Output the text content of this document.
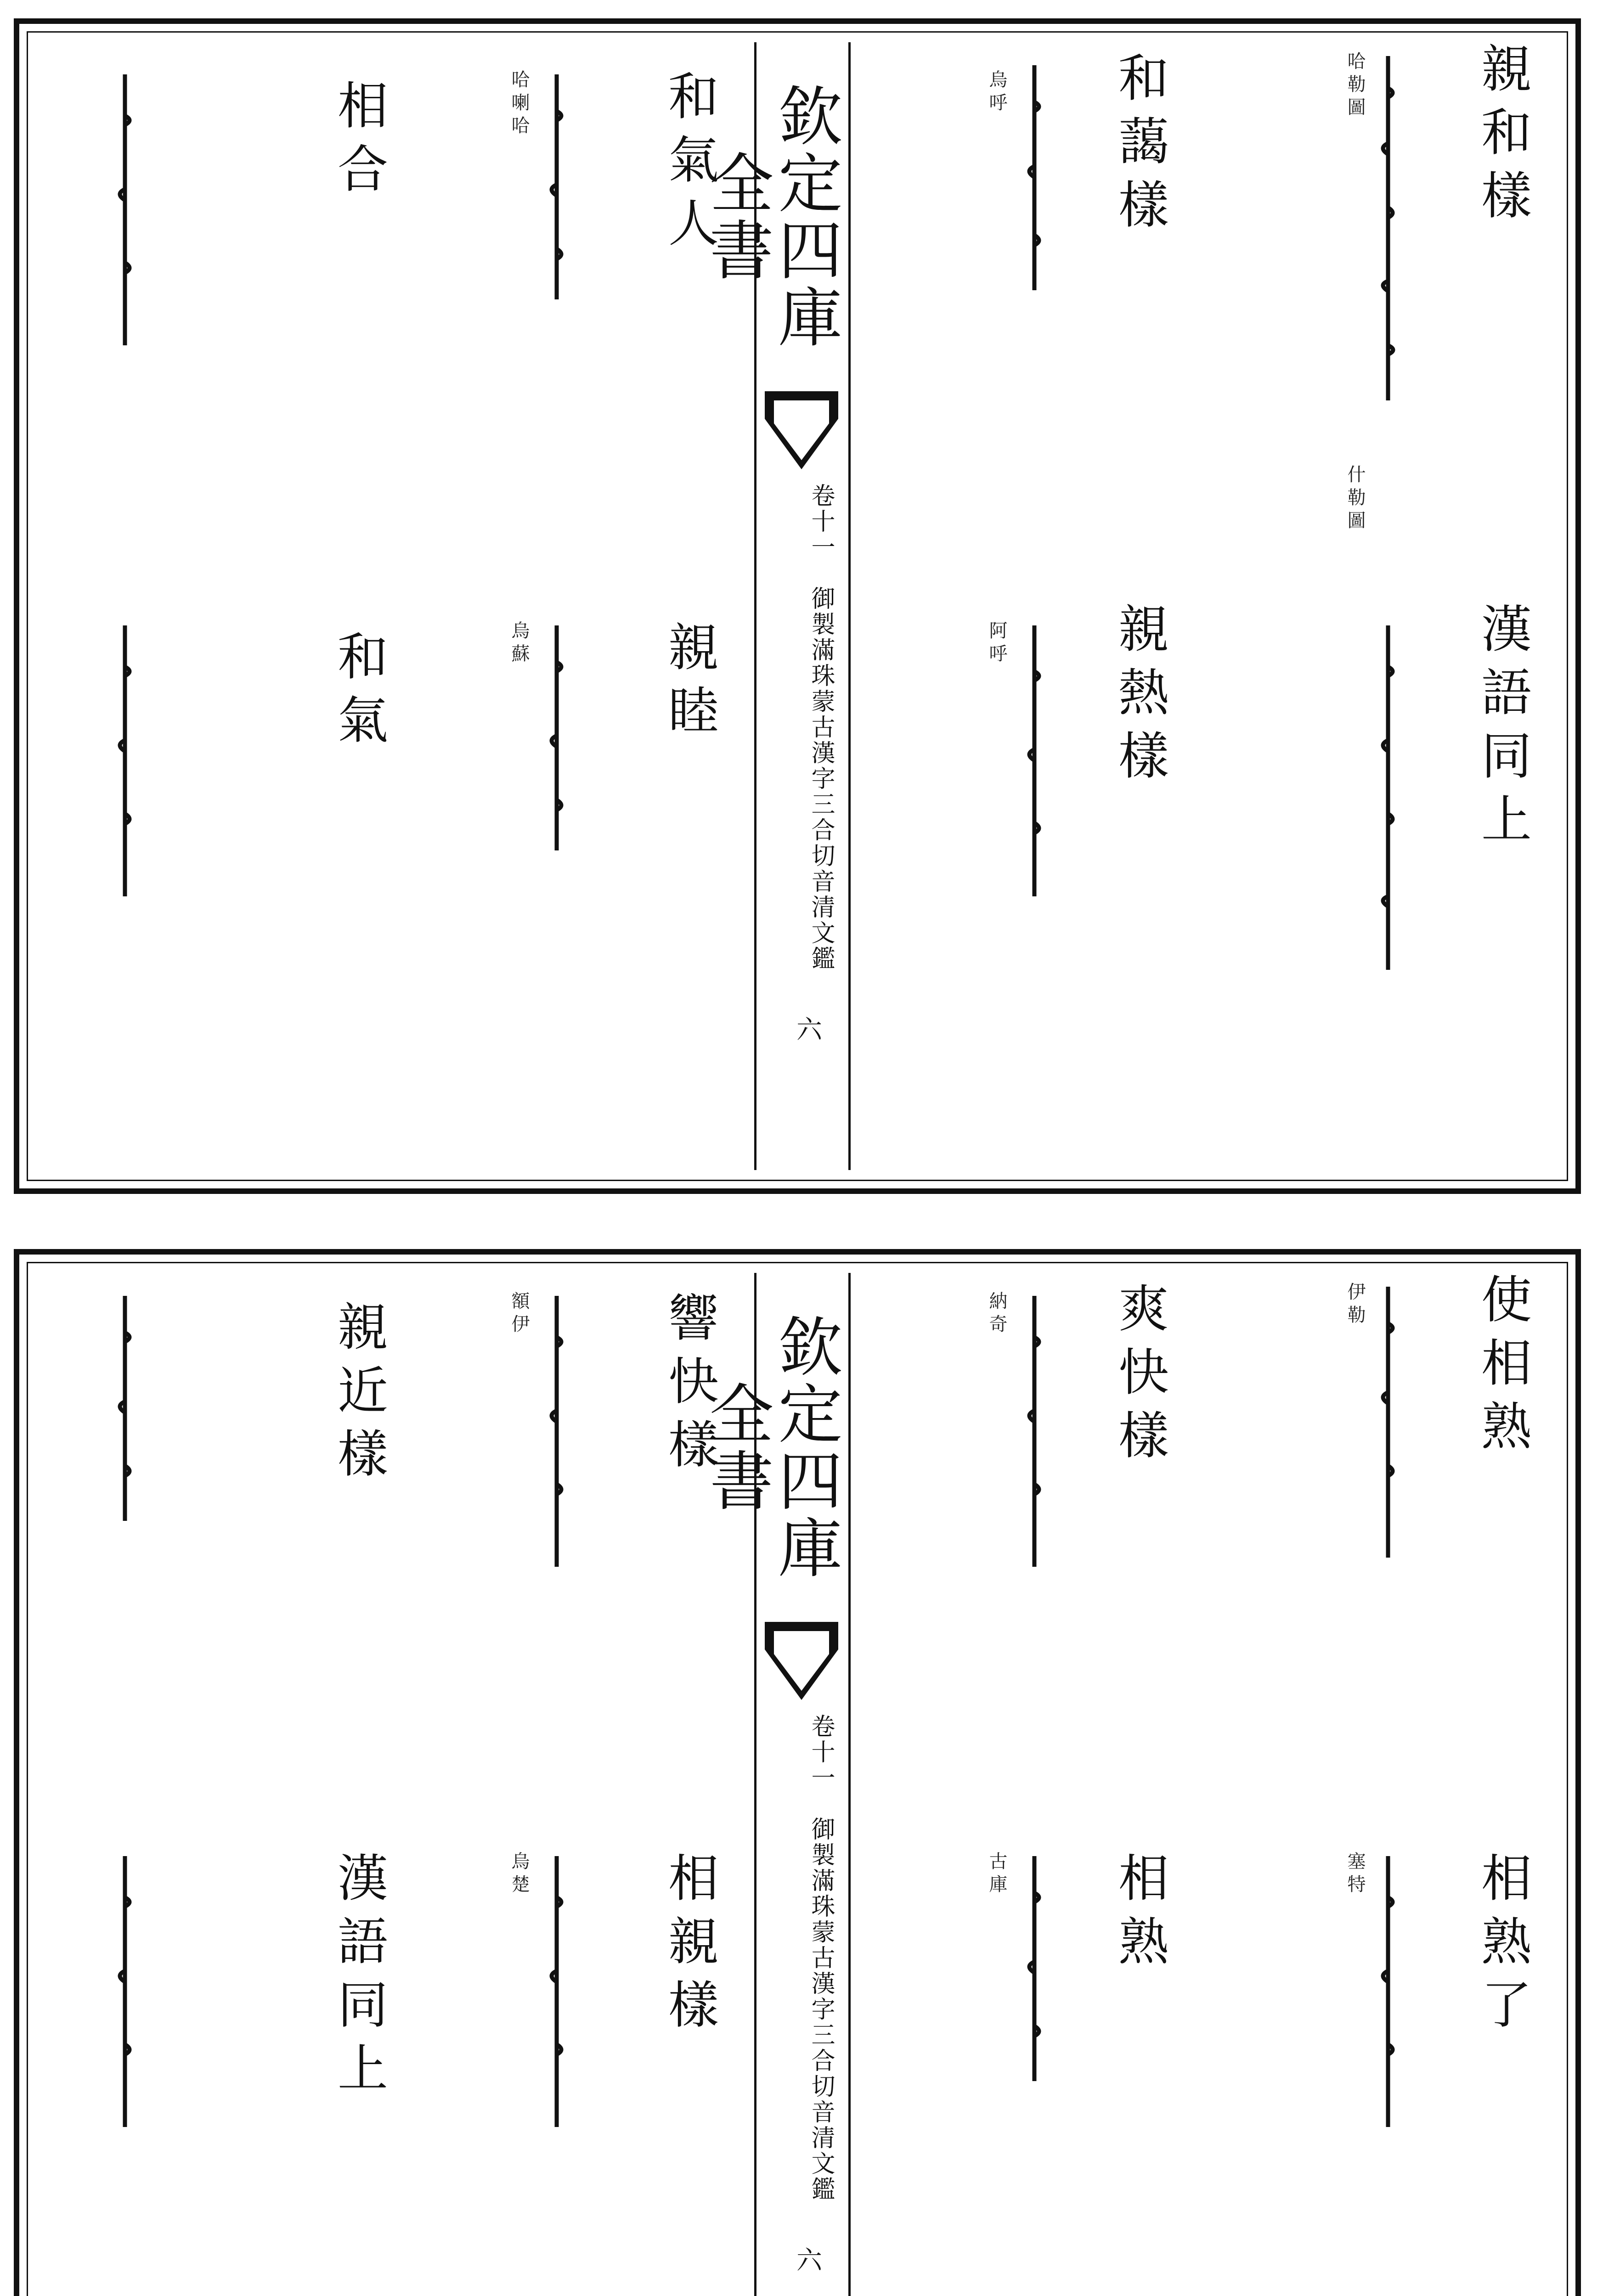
欽定四庫全書
卷十一　御製滿珠蒙古漢字三合切音清文鑑
六
親和樣
漢語同上
和藹樣
親熱樣
和氣人
親睦
相合
和氣
哈勒圖
什勒圖
烏呼
阿呼
哈喇哈
烏蘇
欽定四庫全書
卷十一　御製滿珠蒙古漢字三合切音清文鑑
六
使相熟
相熟了
爽快樣
相熟
響快樣
相親樣
親近樣
漢語同上
伊勒
塞特
納奇
古庫
額伊
烏楚
